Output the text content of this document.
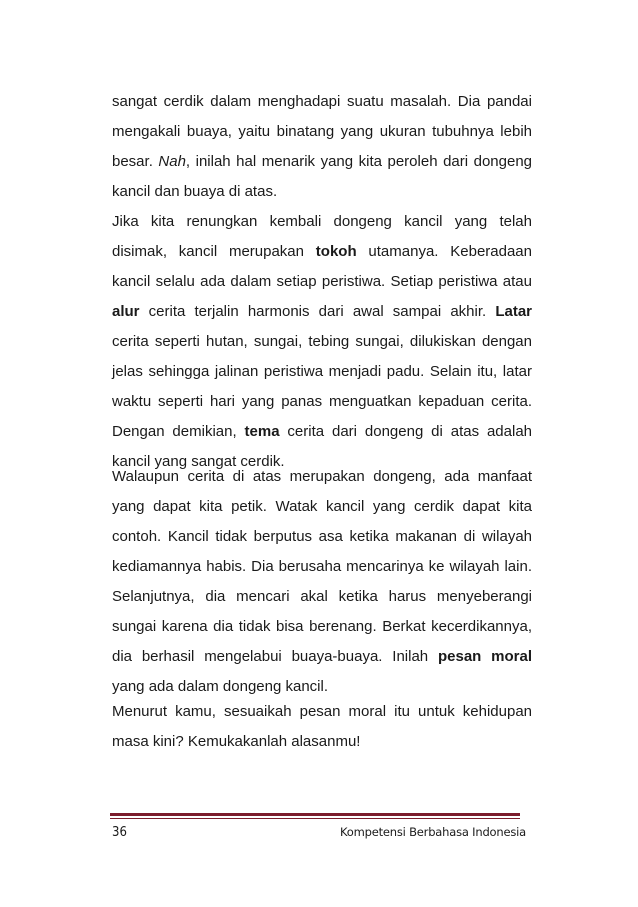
sangat cerdik dalam menghadapi suatu masalah. Dia pandai mengakali buaya, yaitu binatang yang ukuran tubuhnya lebih besar. Nah, inilah hal menarik yang kita peroleh dari dongeng kancil dan buaya di atas.
Jika kita renungkan kembali dongeng kancil yang telah disimak, kancil merupakan tokoh utamanya. Keberadaan kancil selalu ada dalam setiap peristiwa. Setiap peristiwa atau alur cerita terjalin harmonis dari awal sampai akhir. Latar cerita seperti hutan, sungai, tebing sungai, dilukiskan dengan jelas sehingga jalinan peristiwa menjadi padu. Selain itu, latar waktu seperti hari yang panas menguatkan kepaduan cerita. Dengan demikian, tema cerita dari dongeng di atas adalah kancil yang sangat cerdik.
Walaupun cerita di atas merupakan dongeng, ada manfaat yang dapat kita petik. Watak kancil yang cerdik dapat kita contoh. Kancil tidak berputus asa ketika makanan di wilayah kediamannya habis. Dia berusaha mencarinya ke wilayah lain. Selanjutnya, dia mencari akal ketika harus menyeberangi sungai karena dia tidak bisa berenang. Berkat kecerdikannya, dia berhasil mengelabui buaya-buaya. Inilah pesan moral yang ada dalam dongeng kancil.
Menurut kamu, sesuaikah pesan moral itu untuk kehidupan masa kini? Kemukakanlah alasanmu!
36	Kompetensi Berbahasa Indonesia
